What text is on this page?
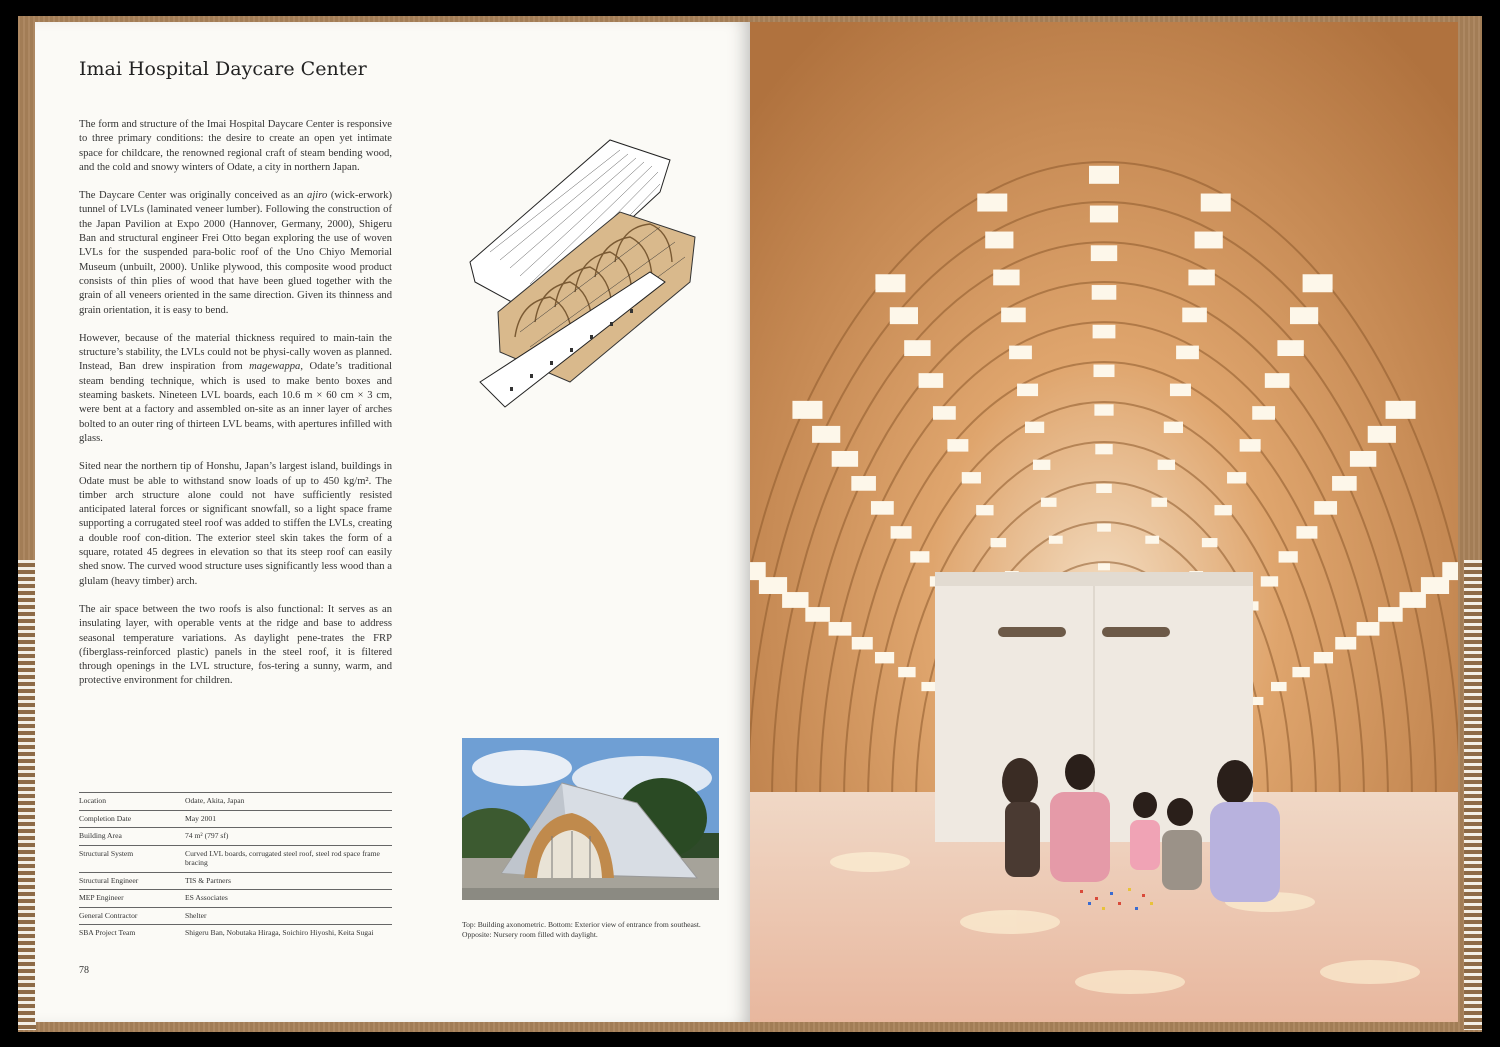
Imai Hospital Daycare Center

The form and structure of the Imai Hospital Daycare Center is responsive to three primary conditions: the desire to create an open yet intimate space for childcare, the renowned regional craft of steam bending wood, and the cold and snowy winters of Odate, a city in northern Japan.

The Daycare Center was originally conceived as an ajiro (wick-erwork) tunnel of LVLs (laminated veneer lumber). Following the construction of the Japan Pavilion at Expo 2000 (Hannover, Germany, 2000), Shigeru Ban and structural engineer Frei Otto began exploring the use of woven LVLs for the suspended para-bolic roof of the Uno Chiyo Memorial Museum (unbuilt, 2000). Unlike plywood, this composite wood product consists of thin plies of wood that have been glued together with the grain of all veneers oriented in the same direction. Given its thinness and grain orientation, it is easy to bend.

However, because of the material thickness required to main-tain the structure’s stability, the LVLs could not be physi-cally woven as planned. Instead, Ban drew inspiration from magewappa, Odate’s traditional steam bending technique, which is used to make bento boxes and steaming baskets. Nineteen LVL boards, each 10.6 m × 60 cm × 3 cm, were bent at a factory and assembled on-site as an inner layer of arches bolted to an outer ring of thirteen LVL beams, with apertures infilled with glass.

Sited near the northern tip of Honshu, Japan’s largest island, buildings in Odate must be able to withstand snow loads of up to 450 kg/m². The timber arch structure alone could not have sufficiently resisted anticipated lateral forces or significant snowfall, so a light space frame supporting a corrugated steel roof was added to stiffen the LVLs, creating a double roof con-dition. The exterior steel skin takes the form of a square, rotated 45 degrees in elevation so that its steep roof can easily shed snow. The curved wood structure uses significantly less wood than a glulam (heavy timber) arch.

The air space between the two roofs is also functional: It serves as an insulating layer, with operable vents at the ridge and base to address seasonal temperature variations. As daylight pene-trates the FRP (fiberglass-reinforced plastic) panels in the steel roof, it is filtered through openings in the LVL structure, fos-tering a sunny, warm, and protective environment for children.

Location	Odate, Akita, Japan
Completion Date	May 2001
Building Area	74 m² (797 sf)
Structural System	Curved LVL boards, corrugated steel roof, steel rod space frame bracing
Structural Engineer	TIS & Partners
MEP Engineer	ES Associates
General Contractor	Shelter
SBA Project Team	Shigeru Ban, Nobutaka Hiraga, Soichiro Hiyoshi, Keita Sugai
Top: Building axonometric. Bottom: Exterior view of entrance from southeast. Opposite: Nursery room filled with daylight.
78
